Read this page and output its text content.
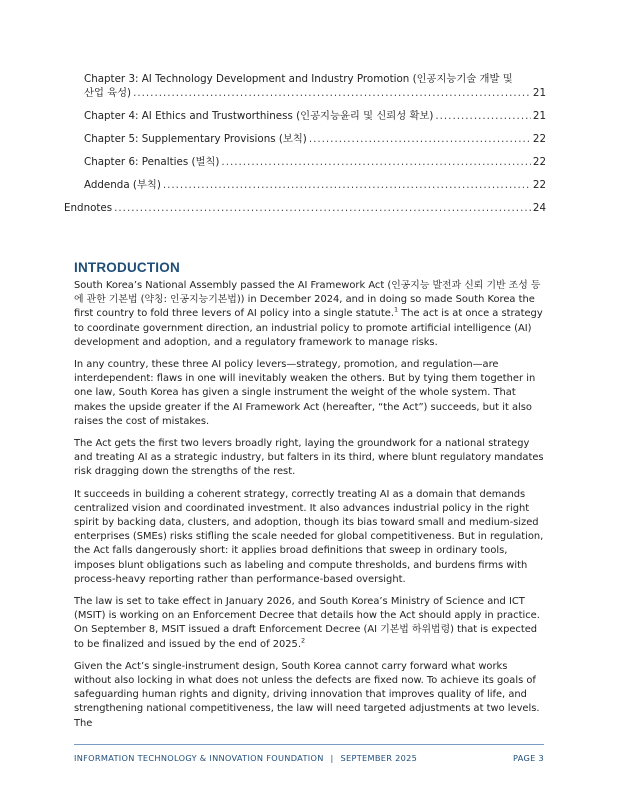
Chapter 3: AI Technology Development and Industry Promotion (인공지능기술 개발 및
산업 육성) .....	21
Chapter 4: AI Ethics and Trustworthiness (인공지능윤리 및 신뢰성 확보) .....	21
Chapter 5: Supplementary Provisions (보칙) .....	22
Chapter 6: Penalties (벌칙) .....	22
Addenda (부칙) .....	22
Endnotes .....	24
INTRODUCTION

South Korea’s National Assembly passed the AI Framework Act (인공지능 발전과 신뢰 기반 조성 등에 관한 기본법 (약칭: 인공지능기본법)) in December 2024, and in doing so made South Korea the first country to fold three levers of AI policy into a single statute.$^1$ The act is at once a strategy to coordinate government direction, an industrial policy to promote artificial intelligence (AI) development and adoption, and a regulatory framework to manage risks.

In any country, these three AI policy levers—strategy, promotion, and regulation—are interdependent: flaws in one will inevitably weaken the others. But by tying them together in one law, South Korea has given a single instrument the weight of the whole system. That makes the upside greater if the AI Framework Act (hereafter, “the Act”) succeeds, but it also raises the cost of mistakes.

The Act gets the first two levers broadly right, laying the groundwork for a national strategy and treating AI as a strategic industry, but falters in its third, where blunt regulatory mandates risk dragging down the strengths of the rest.

It succeeds in building a coherent strategy, correctly treating AI as a domain that demands centralized vision and coordinated investment. It also advances industrial policy in the right spirit by backing data, clusters, and adoption, though its bias toward small and medium-sized enterprises (SMEs) risks stifling the scale needed for global competitiveness. But in regulation, the Act falls dangerously short: it applies broad definitions that sweep in ordinary tools, imposes blunt obligations such as labeling and compute thresholds, and burdens firms with process-heavy reporting rather than performance-based oversight.

The law is set to take effect in January 2026, and South Korea’s Ministry of Science and ICT (MSIT) is working on an Enforcement Decree that details how the Act should apply in practice. On September 8, MSIT issued a draft Enforcement Decree (AI 기본법 하위법령) that is expected to be finalized and issued by the end of 2025.$^2$

Given the Act’s single-instrument design, South Korea cannot carry forward what works without also locking in what does not unless the defects are fixed now. To achieve its goals of safeguarding human rights and dignity, driving innovation that improves quality of life, and strengthening national competitiveness, the law will need targeted adjustments at two levels. The

INFORMATION TECHNOLOGY & INNOVATION FOUNDATION | SEPTEMBER 2025	PAGE 3
